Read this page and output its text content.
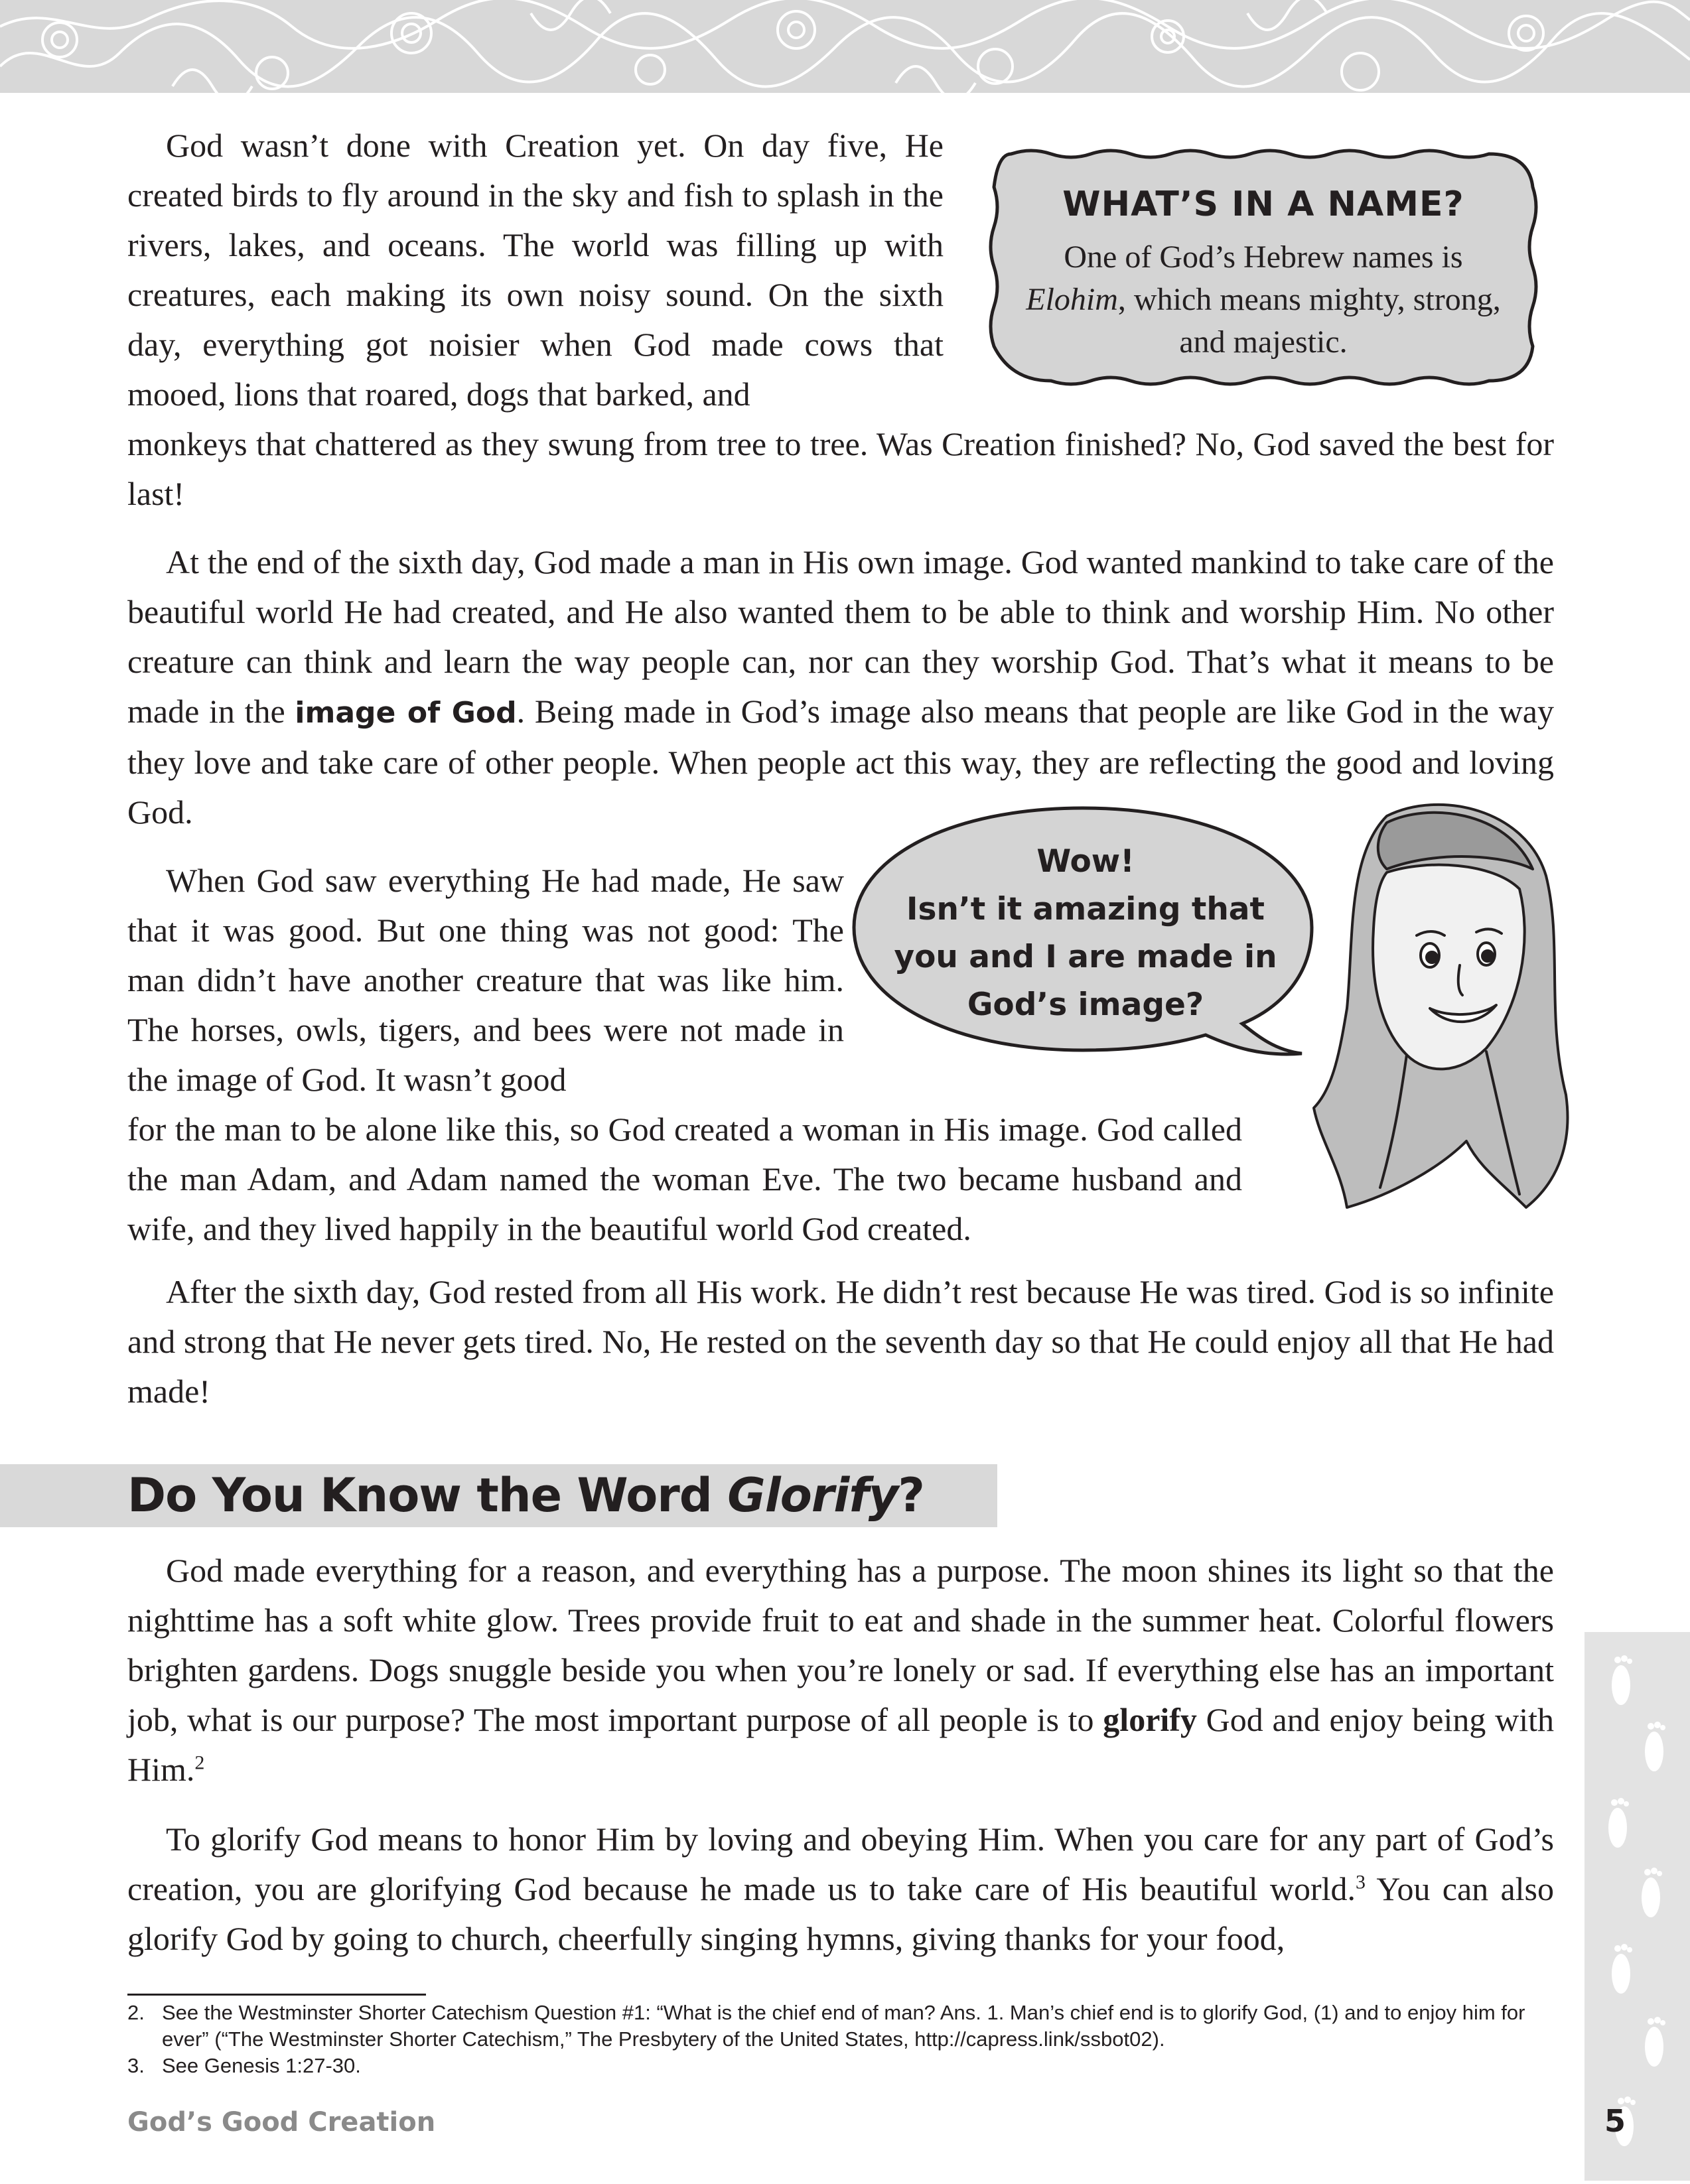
God wasn’t done with Creation yet. On day five, He created birds to fly around in the sky and fish to splash in the rivers, lakes, and oceans. The world was filling up with creatures, each making its own noisy sound. On the sixth day, everything got noisier when God made cows that mooed, lions that roared, dogs that barked, and

monkeys that chattered as they swung from tree to tree. Was Creation finished? No, God saved the best for last!

WHAT’S IN A NAME?
One of God’s Hebrew names is Elohim, which means mighty, strong, and majestic.

At the end of the sixth day, God made a man in His own image. God wanted mankind to take care of the beautiful world He had created, and He also wanted them to be able to think and worship Him. No other creature can think and learn the way people can, nor can they worship God. That’s what it means to be made in the image of God. Being made in God’s image also means that people are like God in the way they love and take care of other people. When people act this way, they are reflecting the good and loving God.

When God saw everything He had made, He saw that it was good. But one thing was not good: The man didn’t have another creature that was like him. The horses, owls, tigers, and bees were not made in the image of God. It wasn’t good

for the man to be alone like this, so God created a woman in His image. God called the man Adam, and Adam named the woman Eve. The two became husband and wife, and they lived happily in the beautiful world God created.

Wow!
Isn’t it amazing that
you and I are made in
God’s image?

After the sixth day, God rested from all His work. He didn’t rest because He was tired. God is so infinite and strong that He never gets tired. No, He rested on the seventh day so that He could enjoy all that He had made!

Do You Know the Word Glorify?

God made everything for a reason, and everything has a purpose. The moon shines its light so that the nighttime has a soft white glow. Trees provide fruit to eat and shade in the summer heat. Colorful flowers brighten gardens. Dogs snuggle beside you when you’re lonely or sad. If everything else has an important job, what is our purpose? The most important purpose of all people is to glorify God and enjoy being with Him.$^2$

To glorify God means to honor Him by loving and obeying Him. When you care for any part of God’s creation, you are glorifying God because he made us to take care of His beautiful world.$^3$ You can also glorify God by going to church, cheerfully singing hymns, giving thanks for your food,

2. See the Westminster Shorter Catechism Question #1: “What is the chief end of man? Ans. 1. Man’s chief end is to glorify God, (1) and to enjoy him for ever” (“The Westminster Shorter Catechism,” The Presbytery of the United States, http://capress.link/ssbot02).
3. See Genesis 1:27-30.
God’s Good Creation	5
